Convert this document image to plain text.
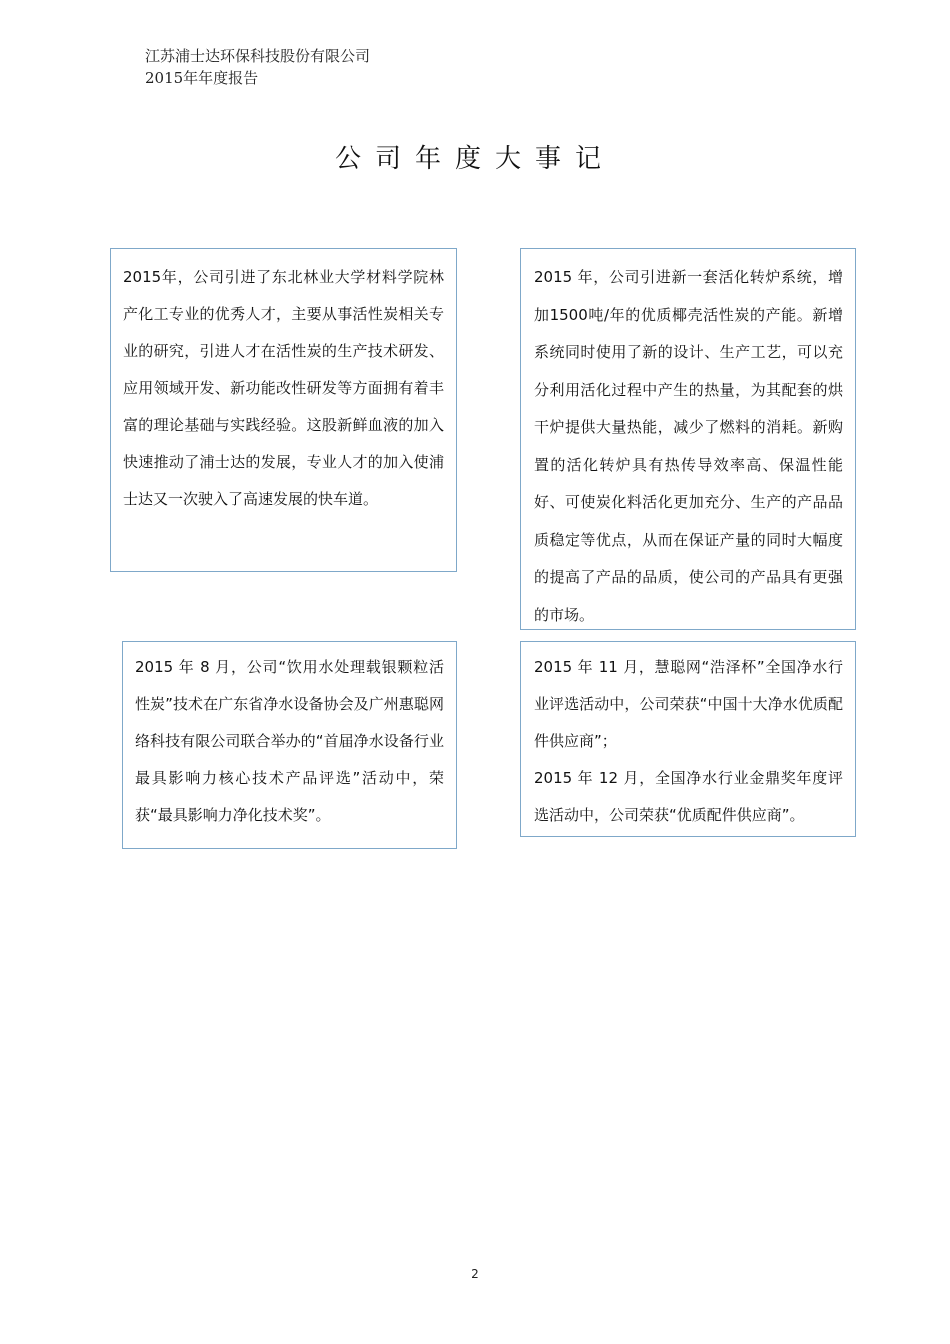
江苏浦士达环保科技股份有限公司
2015年年度报告
公司年度大事记

2015年，公司引进了东北林业大学材料学院林产化工专业的优秀人才，主要从事活性炭相关专业的研究，引进人才在活性炭的生产技术研发、应用领域开发、新功能改性研发等方面拥有着丰富的理论基础与实践经验。这股新鲜血液的加入快速推动了浦士达的发展，专业人才的加入使浦士达又一次驶入了高速发展的快车道。

2015 年，公司引进新一套活化转炉系统，增加1500吨/年的优质椰壳活性炭的产能。新增系统同时使用了新的设计、生产工艺，可以充分利用活化过程中产生的热量，为其配套的烘干炉提供大量热能，减少了燃料的消耗。新购置的活化转炉具有热传导效率高、保温性能好、可使炭化料活化更加充分、生产的产品品质稳定等优点，从而在保证产量的同时大幅度的提高了产品的品质，使公司的产品具有更强的市场。

2015 年 8 月，公司“饮用水处理载银颗粒活性炭”技术在广东省净水设备协会及广州惠聪网络科技有限公司联合举办的“首届净水设备行业最具影响力核心技术产品评选”活动中，荣获“最具影响力净化技术奖”。

2015 年 11 月，慧聪网“浩泽杯”全国净水行业评选活动中，公司荣获“中国十大净水优质配件供应商”；

2015 年 12 月，全国净水行业金鼎奖年度评选活动中，公司荣获“优质配件供应商”。

2
